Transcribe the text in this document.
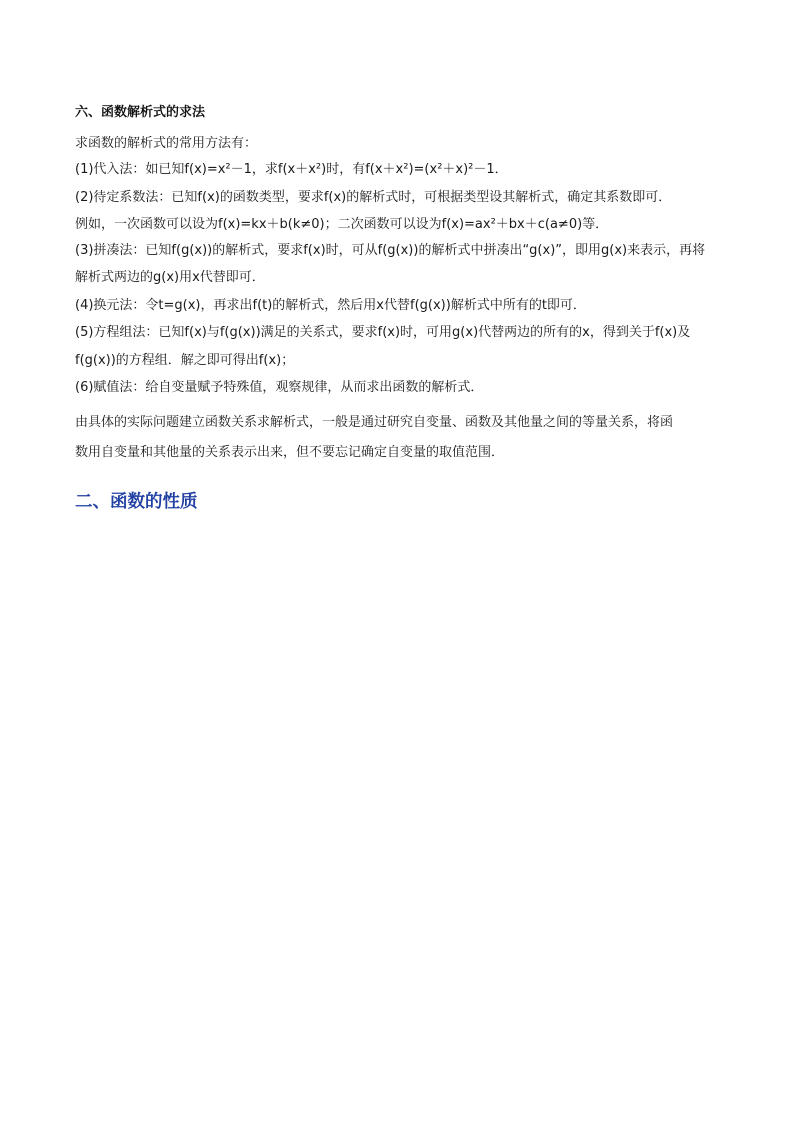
六、函数解析式的求法
求函数的解析式的常用方法有：
(1)代入法：如已知f(x)=x²－1，求f(x＋x²)时，有f(x＋x²)=(x²＋x)²－1．
(2)待定系数法：已知f(x)的函数类型，要求f(x)的解析式时，可根据类型设其解析式，确定其系数即可．
例如，一次函数可以设为f(x)=kx＋b(k≠0)；二次函数可以设为f(x)=ax²＋bx＋c(a≠0)等．
(3)拼凑法：已知f(g(x))的解析式，要求f(x)时，可从f(g(x))的解析式中拼凑出“g(x)”，即用g(x)来表示，再将
解析式两边的g(x)用x代替即可．
(4)换元法：令t=g(x)，再求出f(t)的解析式，然后用x代替f(g(x))解析式中所有的t即可．
(5)方程组法：已知f(x)与f(g(x))满足的关系式，要求f(x)时，可用g(x)代替两边的所有的x，得到关于f(x)及
f(g(x))的方程组．解之即可得出f(x)；
(6)赋值法：给自变量赋予特殊值，观察规律，从而求出函数的解析式．
由具体的实际问题建立函数关系求解析式，一般是通过研究自变量、函数及其他量之间的等量关系，将函
数用自变量和其他量的关系表示出来，但不要忘记确定自变量的取值范围．
二、函数的性质
